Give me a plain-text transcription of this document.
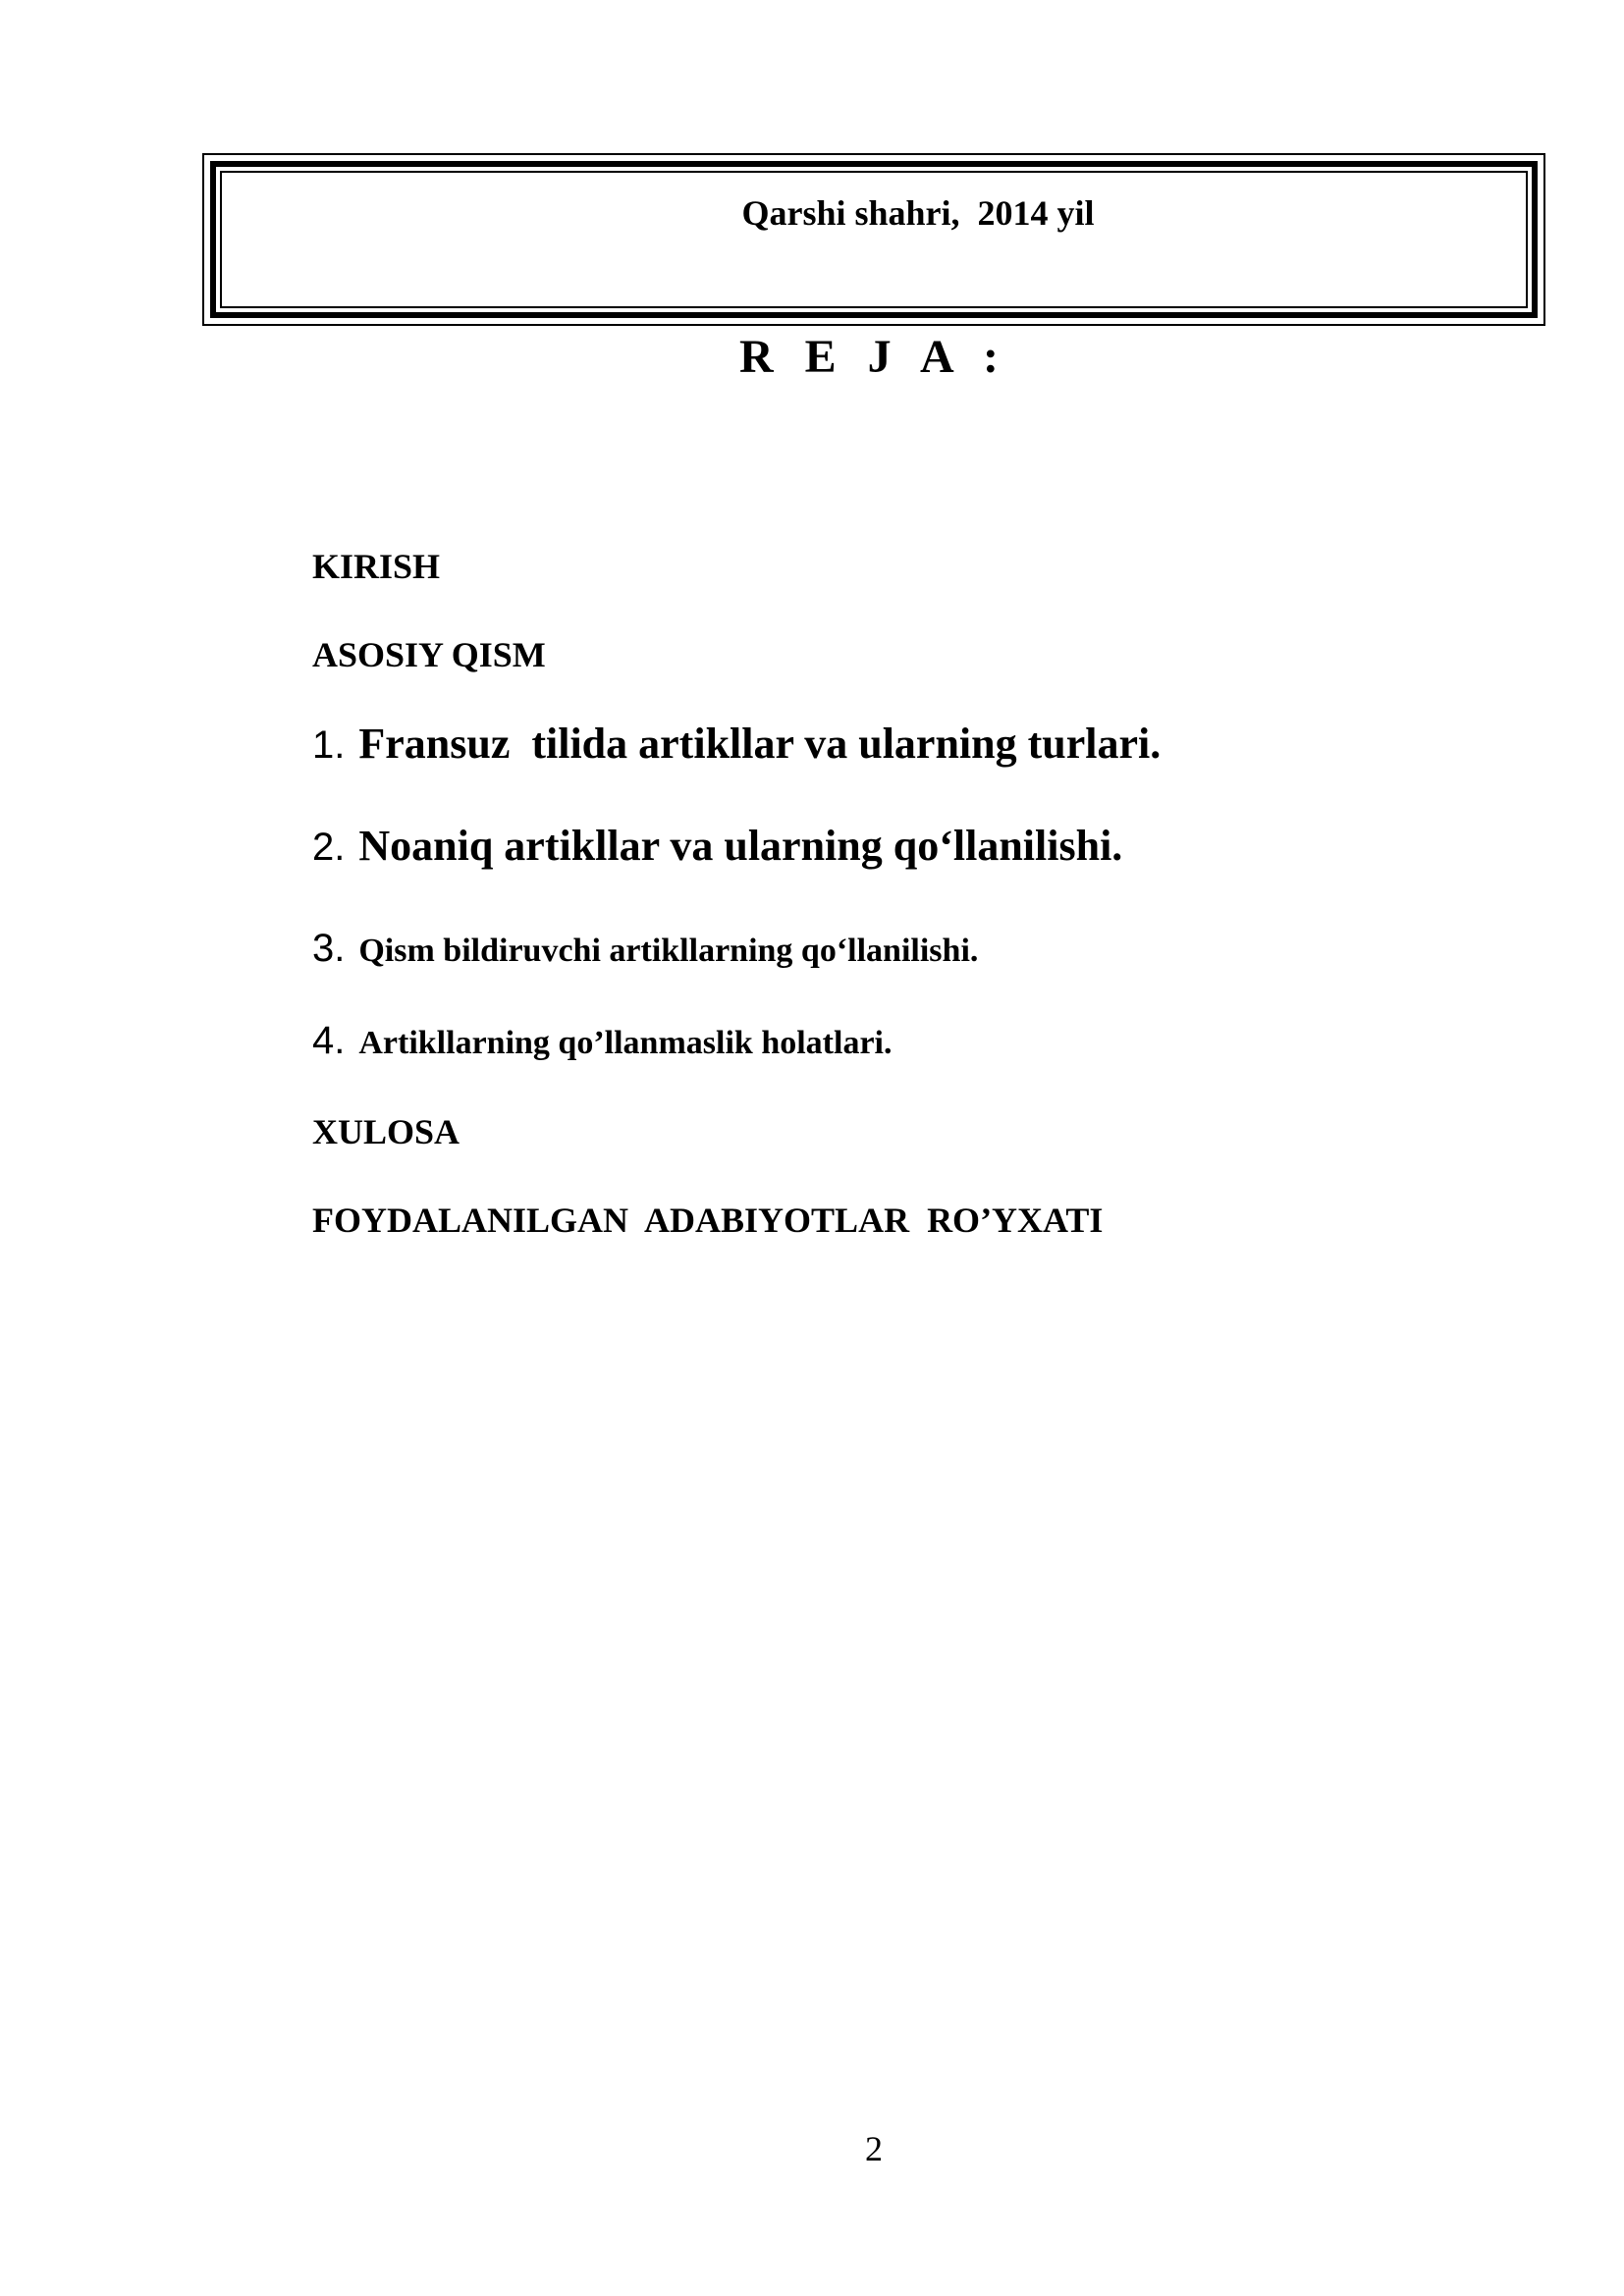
Qarshi shahri,  2014 yil
R E J A :
KIRISH
ASOSIY QISM
1. Fransuz  tilida artikllar va ularning turlari.
2. Noaniq artikllar va ularning qo‘llanilishi.
3. Qism bildiruvchi artikllarning qo‘llanilishi.
4. Artikllarning qo’llanmaslik holatlari.
XULOSA
FOYDALANILGAN  ADABIYOTLAR  RO’YXATI
2
